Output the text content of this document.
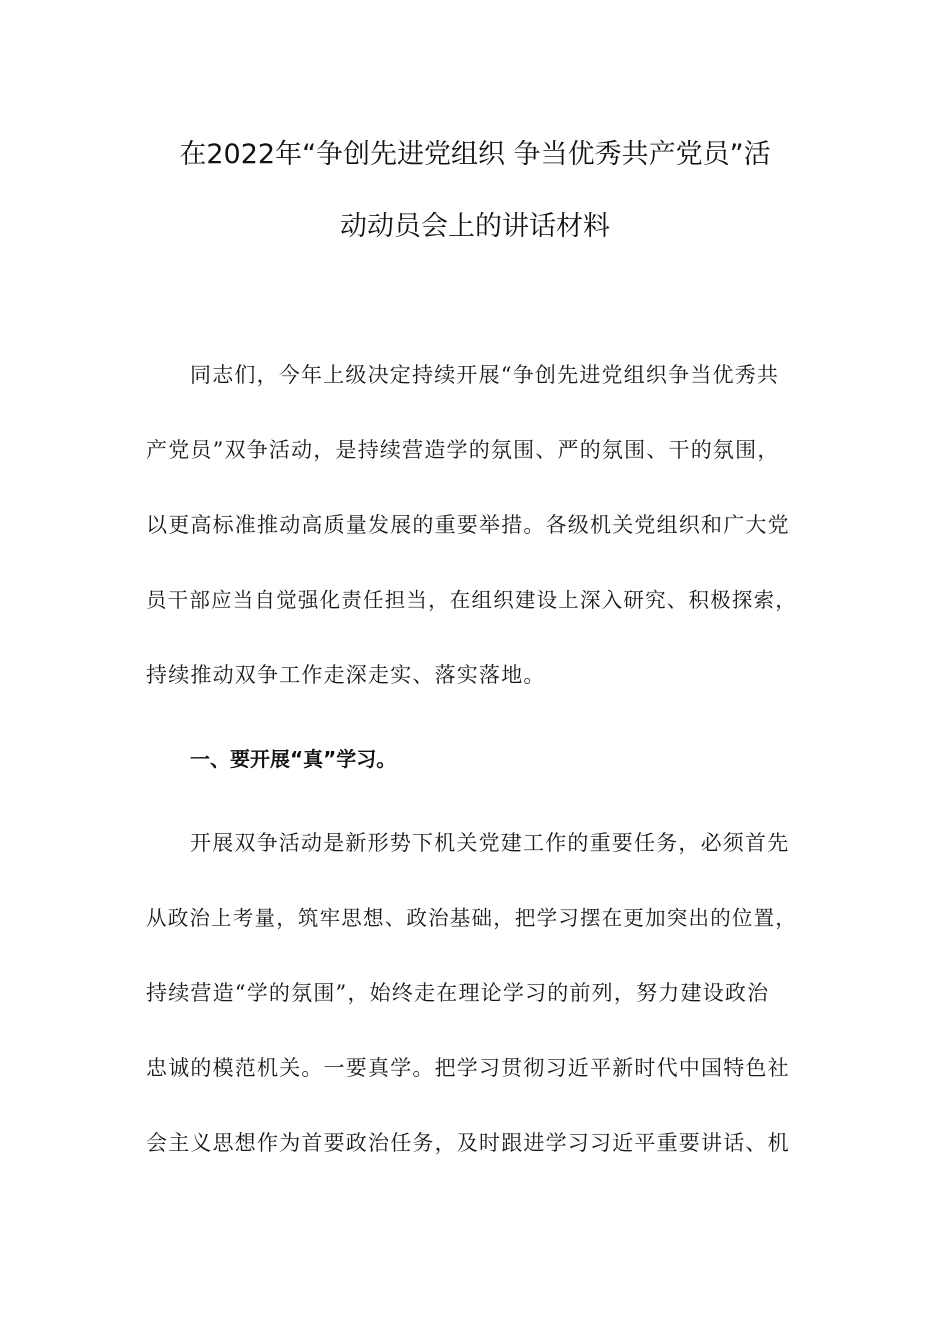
在2022年“争创先进党组织 争当优秀共产党员”活
动动员会上的讲话材料
同志们，今年上级决定持续开展“争创先进党组织争当优秀共
产党员”双争活动，是持续营造学的氛围、严的氛围、干的氛围，
以更高标准推动高质量发展的重要举措。各级机关党组织和广大党
员干部应当自觉强化责任担当，在组织建设上深入研究、积极探索，
持续推动双争工作走深走实、落实落地。
一、要开展“真”学习。
开展双争活动是新形势下机关党建工作的重要任务，必须首先
从政治上考量，筑牢思想、政治基础，把学习摆在更加突出的位置，
持续营造“学的氛围”，始终走在理论学习的前列，努力建设政治
忠诚的模范机关。一要真学。把学习贯彻习近平新时代中国特色社
会主义思想作为首要政治任务，及时跟进学习习近平重要讲话、机
